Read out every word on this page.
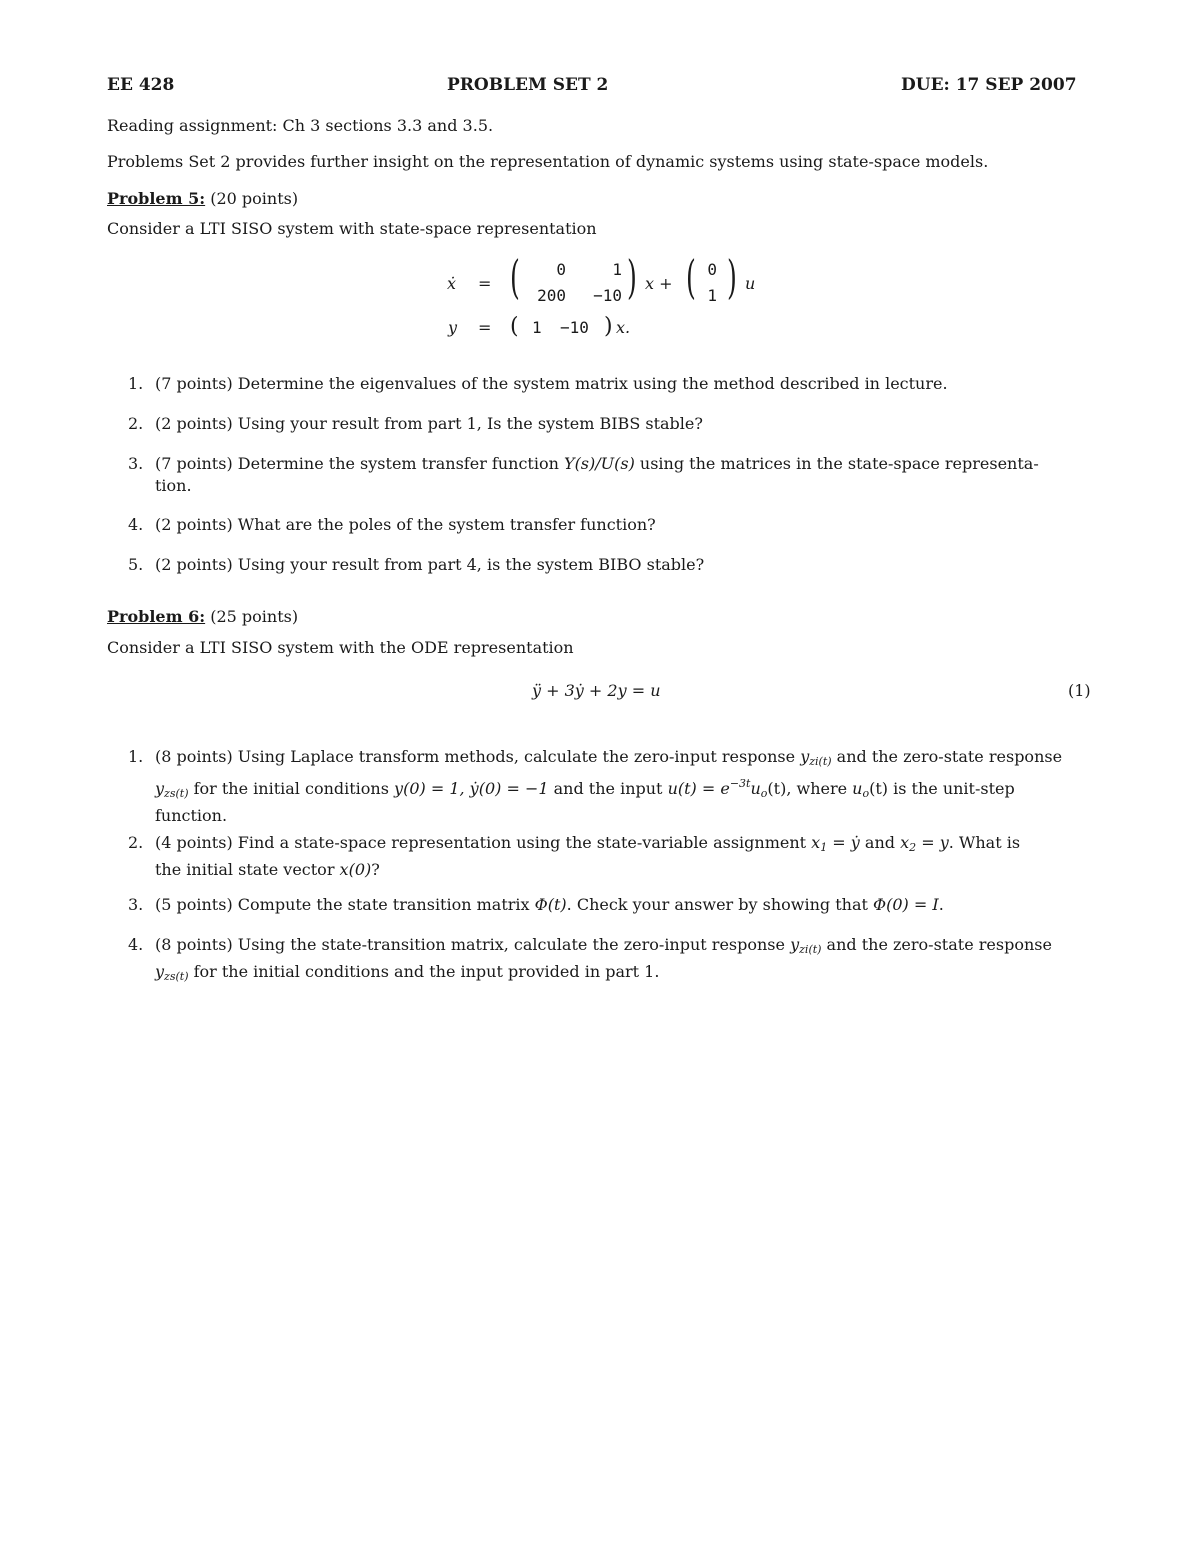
EE 428	PROBLEM SET 2	DUE: 17 SEP 2007
Reading assignment: Ch 3 sections 3.3 and 3.5.
Problems Set 2 provides further insight on the representation of dynamic systems using state-space models.
Problem 5: (20 points)
Consider a LTI SISO system with state-space representation
ẋ = (	0	1
200	−10 ) x + ( 0
1 ) u
y = ( 1 −10 ) x.
1. (7 points) Determine the eigenvalues of the system matrix using the method described in lecture.
2. (2 points) Using your result from part 1, Is the system BIBS stable?
3. (7 points) Determine the system transfer function Y(s)/U(s) using the matrices in the state-space representa-
tion.
4. (2 points) What are the poles of the system transfer function?
5. (2 points) Using your result from part 4, is the system BIBO stable?
Problem 6: (25 points)
Consider a LTI SISO system with the ODE representation
ÿ + 3ẏ + 2y = u	(1)
1. (8 points) Using Laplace transform methods, calculate the zero-input response $y_{zi(t)}$ and the zero-state response
$y_{zs(t)}$ for the initial conditions y(0) = 1, ẏ(0) = −1 and the input $u(t) = e^{-3t}u_o(t)$, where $u_o(t)$ is the unit-step
function.
2. (4 points) Find a state-space representation using the state-variable assignment $x_1$ = ẏ and $x_2 = y$. What is
the initial state vector x(0)?
3. (5 points) Compute the state transition matrix Φ(t). Check your answer by showing that Φ(0) = I.
4. (8 points) Using the state-transition matrix, calculate the zero-input response $y_{zi(t)}$ and the zero-state response
$y_{zs(t)}$ for the initial conditions and the input provided in part 1.
